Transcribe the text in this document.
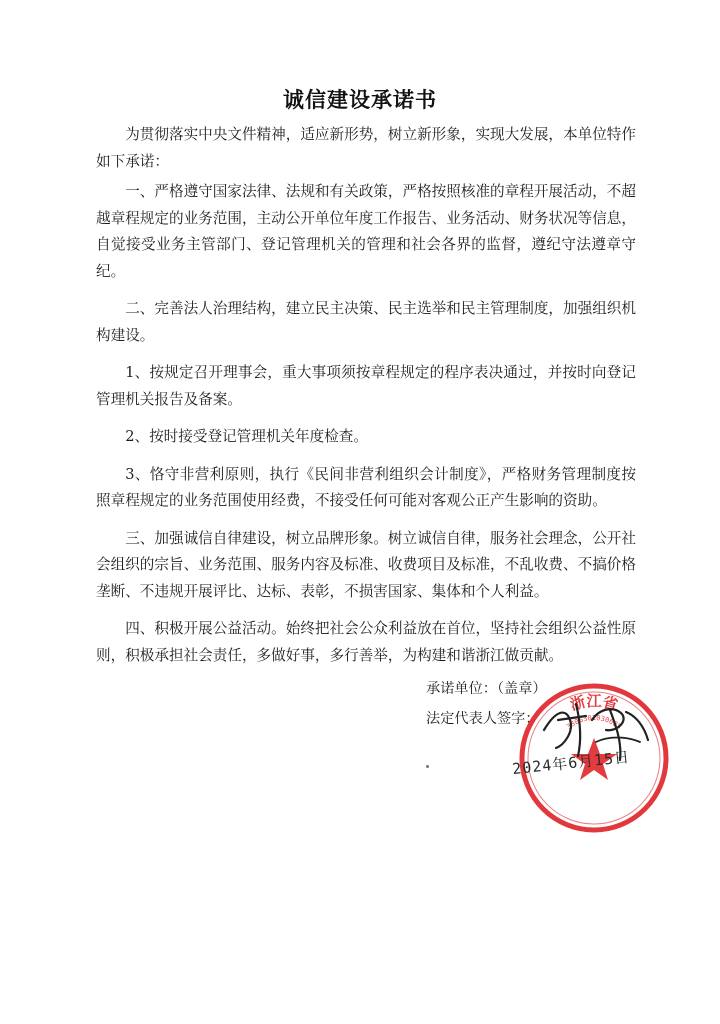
诚信建设承诺书

为贯彻落实中央文件精神，适应新形势，树立新形象，实现大发展，本单位特作如下承诺：

一、严格遵守国家法律、法规和有关政策，严格按照核准的章程开展活动，不超越章程规定的业务范围，主动公开单位年度工作报告、业务活动、财务状况等信息，自觉接受业务主管部门、登记管理机关的管理和社会各界的监督，遵纪守法遵章守纪。

二、完善法人治理结构，建立民主决策、民主选举和民主管理制度，加强组织机构建设。

1、按规定召开理事会，重大事项须按章程规定的程序表决通过，并按时向登记管理机关报告及备案。

2、按时接受登记管理机关年度检查。

3、恪守非营利原则，执行《民间非营利组织会计制度》，严格财务管理制度按照章程规定的业务范围使用经费，不接受任何可能对客观公正产生影响的资助。

三、加强诚信自律建设，树立品牌形象。树立诚信自律，服务社会理念，公开社会组织的宗旨、业务范围、服务内容及标准、收费项目及标准，不乱收费、不搞价格垄断、不违规开展评比、达标、表彰，不损害国家、集体和个人利益。

四、积极开展公益活动。始终把社会公众利益放在首位，坚持社会组织公益性原则，积极承担社会责任，多做好事，多行善举，为构建和谐浙江做贡献。

承诺单位：（盖章）
法定代表人签字：
浙江省
3306301030685
2024年6月15日
